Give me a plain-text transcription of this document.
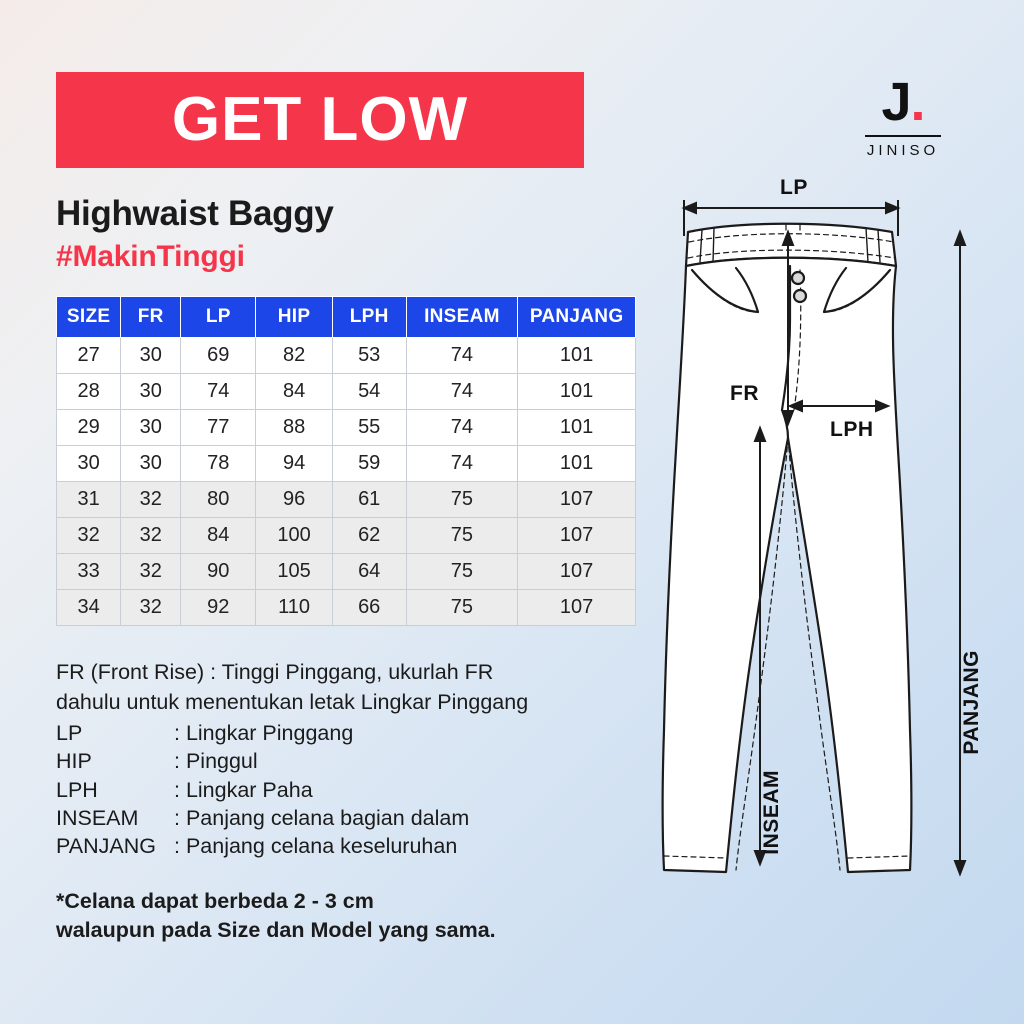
GET LOW
Highwaist Baggy
#MakinTinggi
SIZE	FR	LP	HIP	LPH	INSEAM	PANJANG
27	30	69	82	53	74	101
28	30	74	84	54	74	101
29	30	77	88	55	74	101
30	30	78	94	59	74	101
31	32	80	96	61	75	107
32	32	84	100	62	75	107
33	32	90	105	64	75	107
34	32	92	110	66	75	107
FR (Front Rise) : Tinggi Pinggang, ukurlah FR
dahulu untuk menentukan letak Lingkar Pinggang
LP	: Lingkar Pinggang
HIP	: Pinggul
LPH	: Lingkar Paha
INSEAM	: Panjang celana bagian dalam
PANJANG : Panjang celana keseluruhan
*Celana dapat berbeda 2 - 3 cm
walaupun pada Size dan Model yang sama.
J.
JINISO
LP
FR
LPH
INSEAM
PANJANG
